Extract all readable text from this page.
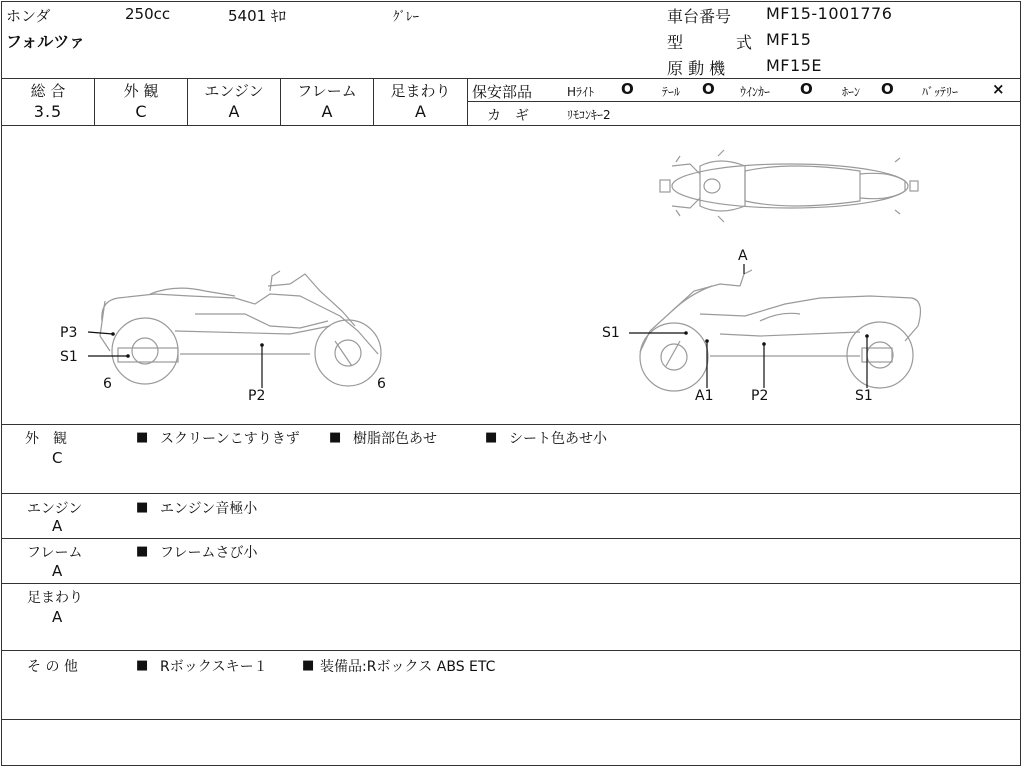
ホンダ	250cc	5401 ｷﾛ	ｸﾞﾚｰ
フォルツァ
車台番号 MF15-1001776
型	式 MF15
原 動 機	MF15E
総 合
3.5
外 観
C
エンジン
A
フレーム
A
足まわり
A
保安部品	Hﾗｲﾄ O ﾃｰﾙ O ｳｲﾝｶｰ O ﾎｰﾝ O ﾊﾞｯﾃﾘｰ ×
カ　ギ	ﾘﾓｺﾝｷｰ2
P3
S1
6
P2
6
A
S1
A1	P2	S1
外　観
C
■ スクリーンこすりきず ■ 樹脂部色あせ	■ シート色あせ小
エンジン
A
■ エンジン音極小
フレーム
A
■ フレームさび小
足まわり
A
そ の 他	■ Rボックスキー１	■ 装備品:Rボックス ABS ETC
